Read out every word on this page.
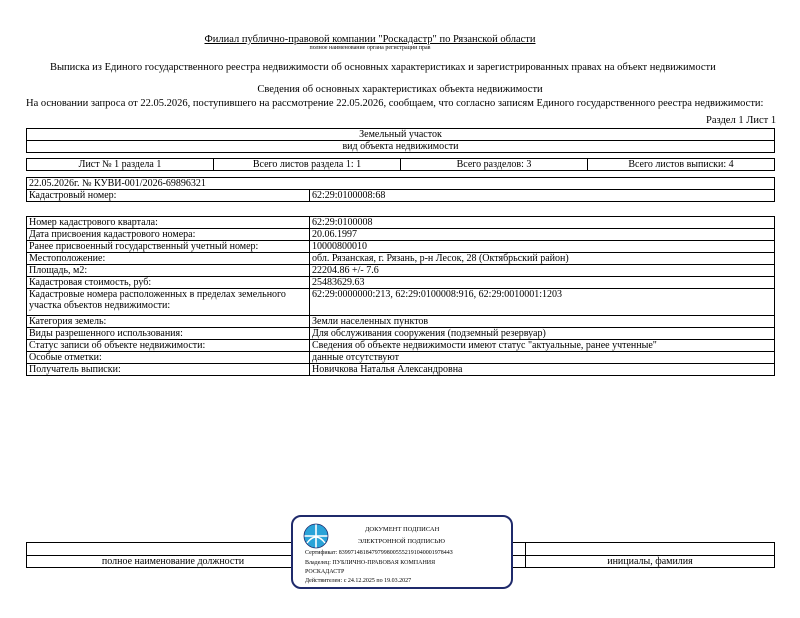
Филиал публично-правовой компании "Роскадастр" по Рязанской области
полное наименование органа регистрации прав
Выписка из Единого государственного реестра недвижимости об основных характеристиках и зарегистрированных правах на объект недвижимости
Сведения об основных характеристиках объекта недвижимости
На основании запроса от 22.05.2026, поступившего на рассмотрение 22.05.2026, сообщаем, что согласно записям Единого государственного реестра недвижимости:
Раздел 1 Лист 1
Земельный участок
вид объекта недвижимости
Лист № 1 раздела 1	Всего листов раздела 1: 1	Всего разделов: 3	Всего листов выписки: 4
22.05.2026г. № КУВИ-001/2026-69896321
Кадастровый номер:	62:29:0100008:68
Номер кадастрового квартала:	62:29:0100008
Дата присвоения кадастрового номера:	20.06.1997
Ранее присвоенный государственный учетный номер:	10000800010
Местоположение:	обл. Рязанская, г. Рязань, р-н Лесок, 28 (Октябрьский район)
Площадь, м2:	22204.86 +/- 7.6
Кадастровая стоимость, руб:	25483629.63
Кадастровые номера расположенных в пределах земельного участка объектов недвижимости:	62:29:0000000:213, 62:29:0100008:916, 62:29:0010001:1203
Категория земель:	Земли населенных пунктов
Виды разрешенного использования:	Для обслуживания сооружения (подземный резервуар)
Статус записи об объекте недвижимости:	Сведения об объекте недвижимости имеют статус "актуальные, ранее учтенные"
Особые отметки:	данные отсутствуют
Получатель выписки:	Новичкова Наталья Александровна
полное наименование должности	инициалы, фамилия
ДОКУМЕНТ ПОДПИСАН
ЭЛЕКТРОННОЙ ПОДПИСЬЮ
Сертификат: 8399714818479799800555219104000197844З
Владелец: ПУБЛИЧНО-ПРАВОВАЯ КОМПАНИЯ
РОСКАДАСТР
Действителен: с 24.12.2025 по 19.03.2027
